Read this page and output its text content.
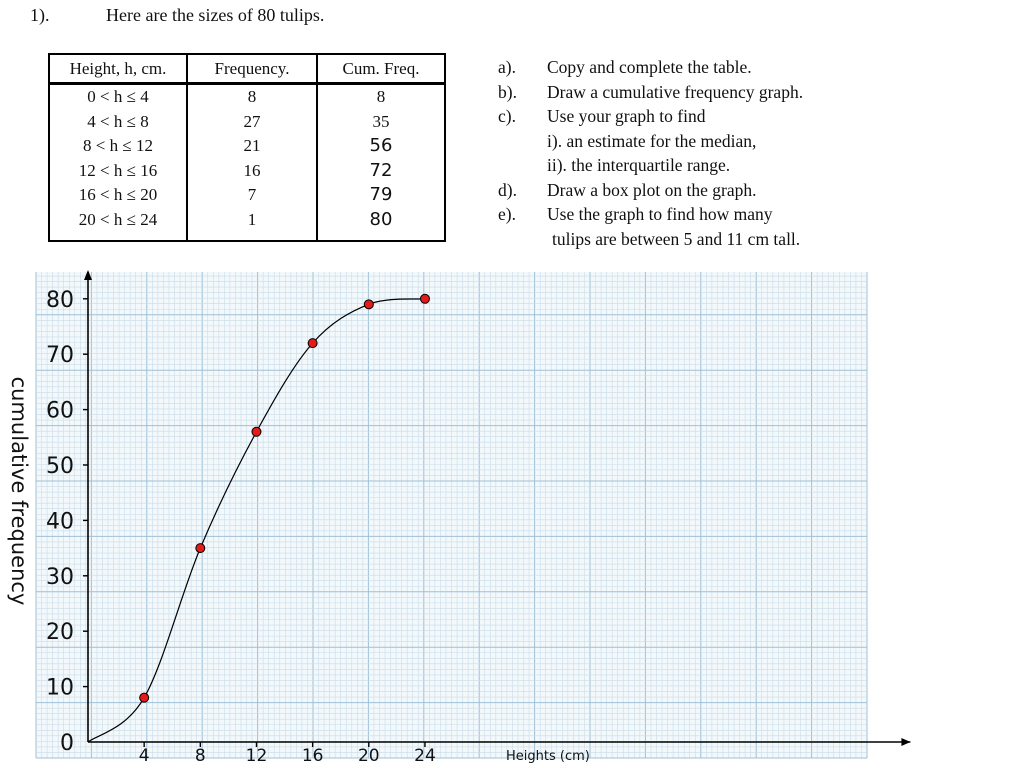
1).	Here are the sizes of 80 tulips.
Height, h, cm.	Frequency.	Cum. Freq.
0 < h ≤ 4	8	8
4 < h ≤ 8	27	35
8 < h ≤ 12	21	56
12 < h ≤ 16	16	72
16 < h ≤ 20	7	79
20 < h ≤ 24	1	80
a).	Copy and complete the table.
b).	Draw a cumulative frequency graph.
c).	Use your graph to find
i). an estimate for the median,
ii). the interquartile range.
d).	Draw a box plot on the graph.
e).	Use the graph to find how many
tulips are between 5 and 11 cm tall.
0
10
20
30
40
50
60
70
80
4	8 12 16 20 24	Heights (cm)
cumulative frequency
